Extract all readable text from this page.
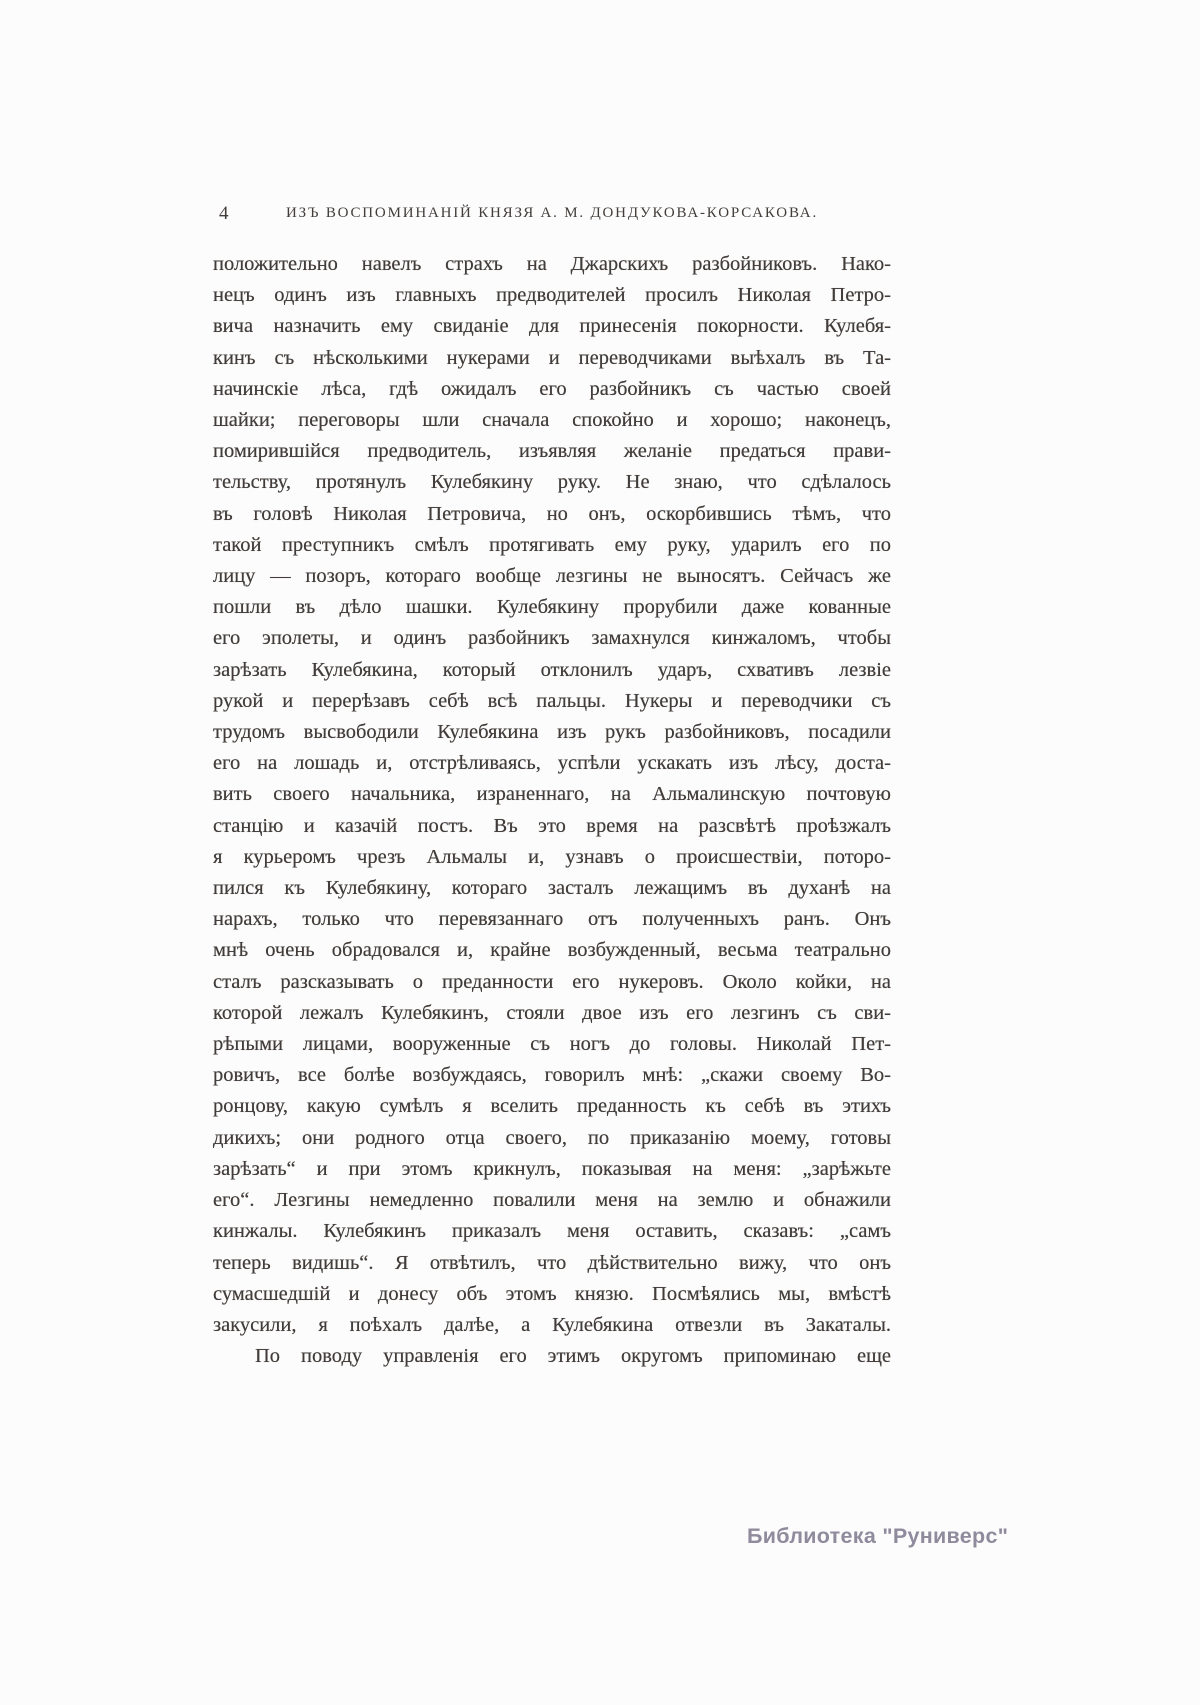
4	ИЗЪ ВОСПОМИНАНІЙ КНЯЗЯ А. М. ДОНДУКОВА-КОРСАКОВА.
положительно навелъ страхъ на Джарскихъ разбойниковъ. Нако-
нецъ одинъ изъ главныхъ предводителей просилъ Николая Петро-
вича назначить ему свиданіе для принесенія покорности. Кулебя-
кинъ съ нѣсколькими нукерами и переводчиками выѣхалъ въ Та-
начинскіе лѣса, гдѣ ожидалъ его разбойникъ съ частью своей
шайки; переговоры шли сначала спокойно и хорошо; наконецъ,
помирившійся предводитель, изъявляя желаніе предаться прави-
тельству, протянулъ Кулебякину руку. Не знаю, что сдѣлалось
въ головѣ Николая Петровича, но онъ, оскорбившись тѣмъ, что
такой преступникъ смѣлъ протягивать ему руку, ударилъ его по
лицу — позоръ, котораго вообще лезгины не выносятъ. Сейчасъ же
пошли въ дѣло шашки. Кулебякину прорубили даже кованные
его эполеты, и одинъ разбойникъ замахнулся кинжаломъ, чтобы
зарѣзать Кулебякина, который отклонилъ ударъ, схвативъ лезвіе
рукой и перерѣзавъ себѣ всѣ пальцы. Нукеры и переводчики съ
трудомъ высвободили Кулебякина изъ рукъ разбойниковъ, посадили
его на лошадь и, отстрѣливаясь, успѣли ускакать изъ лѣсу, доста-
вить своего начальника, израненнаго, на Альмалинскую почтовую
станцію и казачій постъ. Въ это время на разсвѣтѣ проѣзжалъ
я курьеромъ чрезъ Альмалы и, узнавъ о происшествіи, поторо-
пился къ Кулебякину, котораго засталъ лежащимъ въ духанѣ на
нарахъ, только что перевязаннаго отъ полученныхъ ранъ. Онъ
мнѣ очень обрадовался и, крайне возбужденный, весьма театрально
сталъ разсказывать о преданности его нукеровъ. Около койки, на
которой лежалъ Кулебякинъ, стояли двое изъ его лезгинъ съ сви-
рѣпыми лицами, вооруженные съ ногъ до головы. Николай Пет-
ровичъ, все болѣе возбуждаясь, говорилъ мнѣ: „скажи своему Во-
ронцову, какую сумѣлъ я вселить преданность къ себѣ въ этихъ
дикихъ; они родного отца своего, по приказанію моему, готовы
зарѣзать“ и при этомъ крикнулъ, показывая на меня: „зарѣжьте
его“. Лезгины немедленно повалили меня на землю и обнажили
кинжалы. Кулебякинъ приказалъ меня оставить, сказавъ: „самъ
теперь видишь“. Я отвѣтилъ, что дѣйствительно вижу, что онъ
сумасшедшій и донесу объ этомъ князю. Посмѣялись мы, вмѣстѣ
закусили, я поѣхалъ далѣе, а Кулебякина отвезли въ Закаталы.
По поводу управленія его этимъ округомъ припоминаю еще
Библиотека "Руниверс"
